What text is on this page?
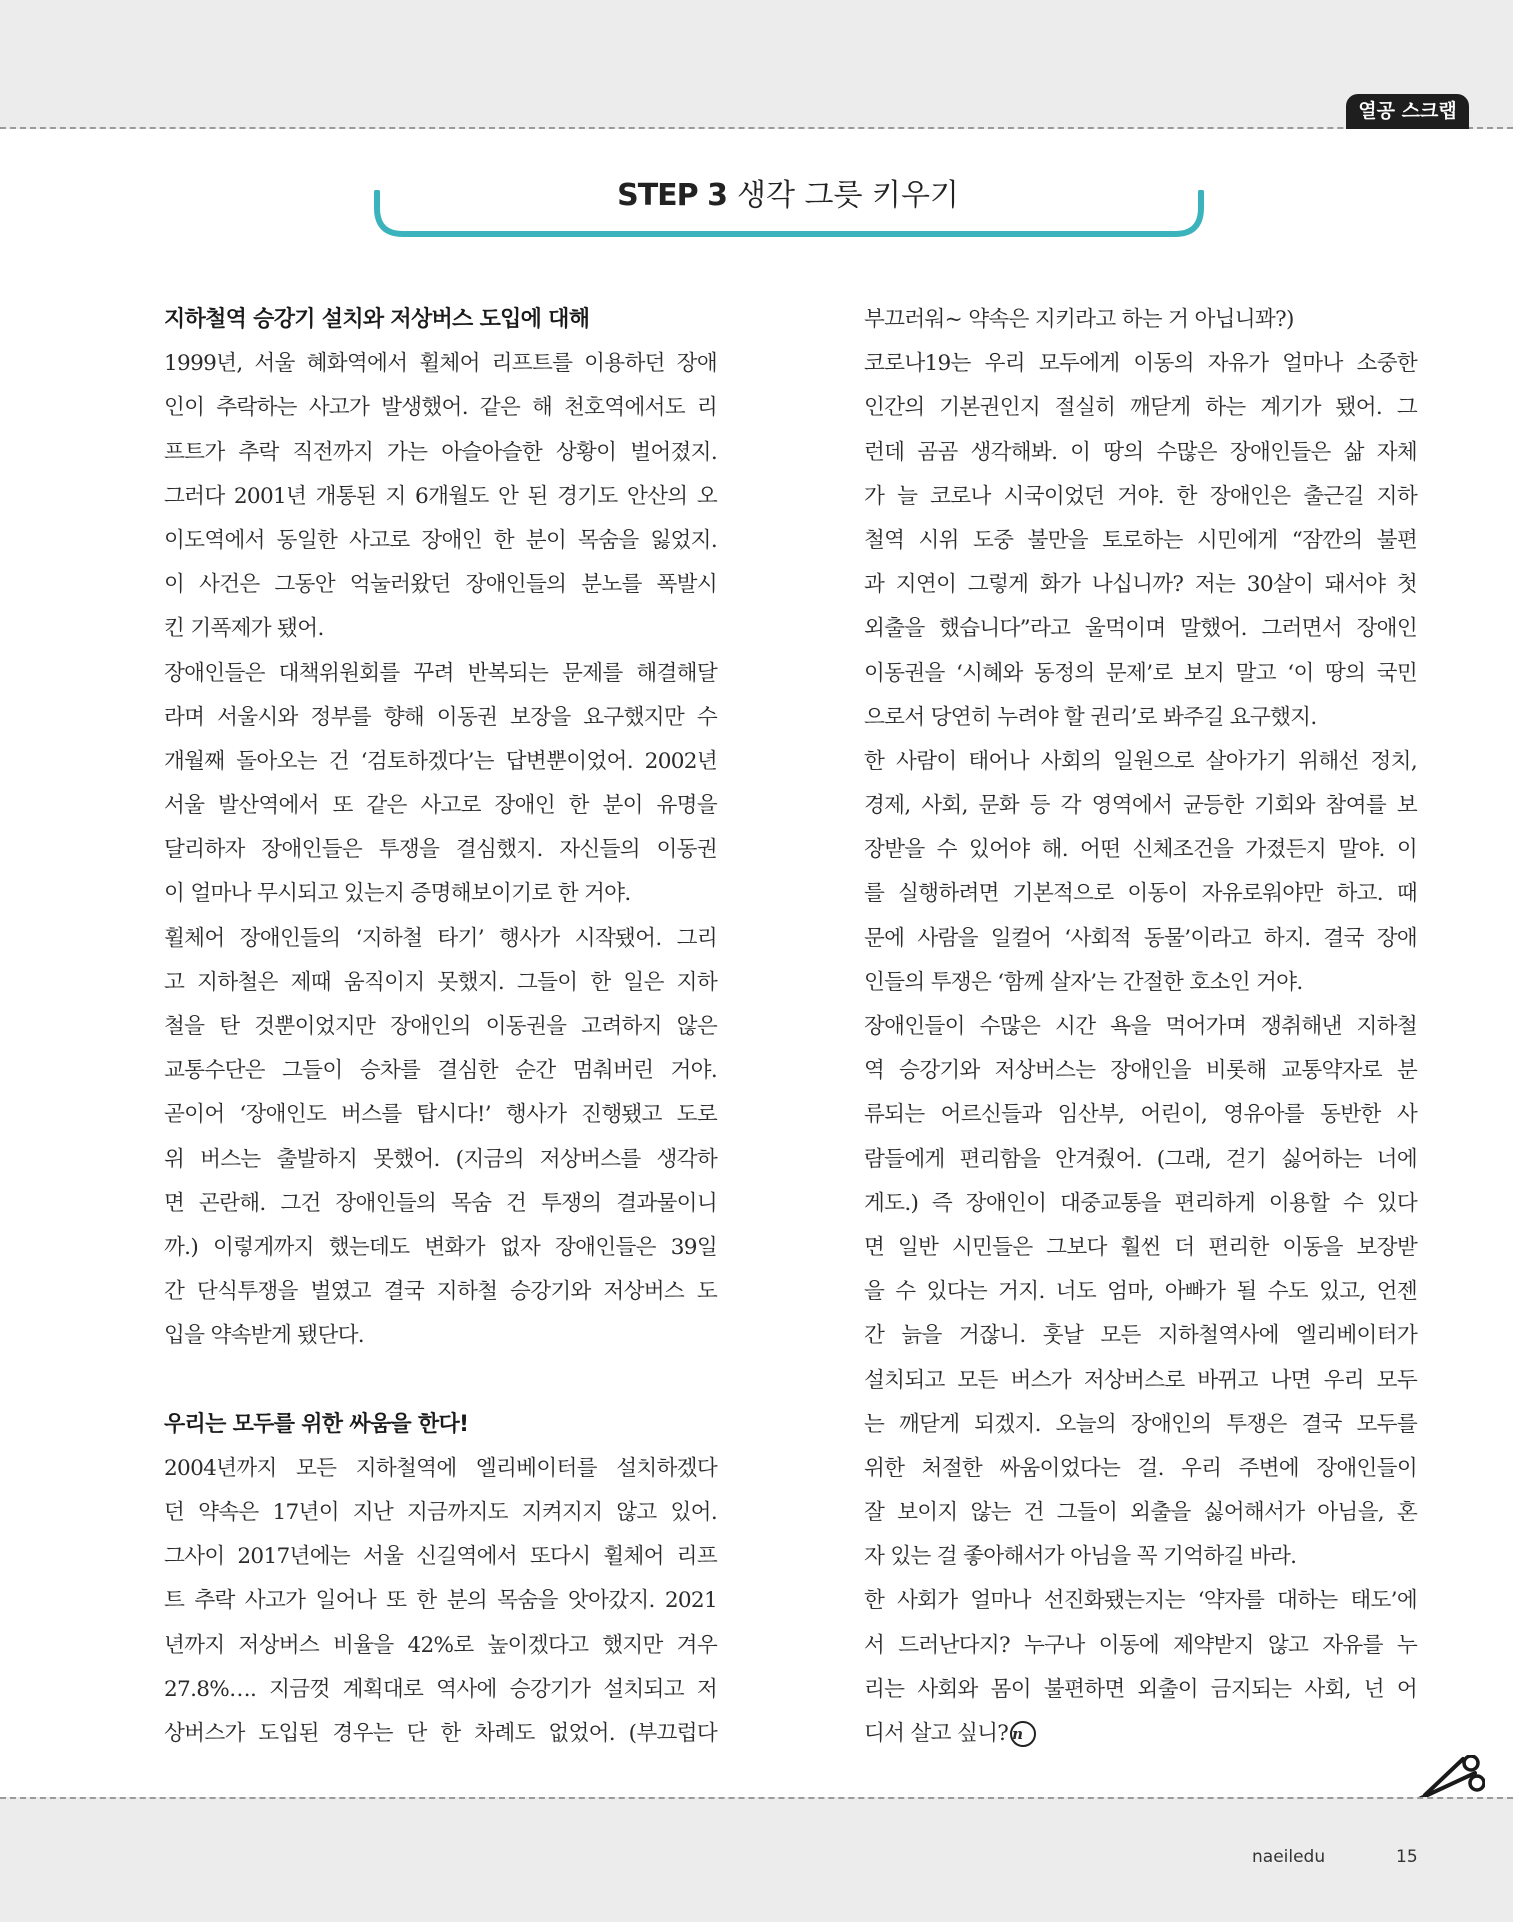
열공 스크랩
STEP 3 생각 그릇 키우기
지하철역 승강기 설치와 저상버스 도입에 대해
1999년, 서울 혜화역에서 휠체어 리프트를 이용하던 장애
인이 추락하는 사고가 발생했어. 같은 해 천호역에서도 리
프트가 추락 직전까지 가는 아슬아슬한 상황이 벌어졌지.
그러다 2001년 개통된 지 6개월도 안 된 경기도 안산의 오
이도역에서 동일한 사고로 장애인 한 분이 목숨을 잃었지.
이 사건은 그동안 억눌러왔던 장애인들의 분노를 폭발시
킨 기폭제가 됐어.
장애인들은 대책위원회를 꾸려 반복되는 문제를 해결해달
라며 서울시와 정부를 향해 이동권 보장을 요구했지만 수
개월째 돌아오는 건 ‘검토하겠다’는 답변뿐이었어. 2002년
서울 발산역에서 또 같은 사고로 장애인 한 분이 유명을
달리하자 장애인들은 투쟁을 결심했지. 자신들의 이동권
이 얼마나 무시되고 있는지 증명해보이기로 한 거야.
휠체어 장애인들의 ‘지하철 타기’ 행사가 시작됐어. 그리
고 지하철은 제때 움직이지 못했지. 그들이 한 일은 지하
철을 탄 것뿐이었지만 장애인의 이동권을 고려하지 않은
교통수단은 그들이 승차를 결심한 순간 멈춰버린 거야.
곧이어 ‘장애인도 버스를 탑시다!’ 행사가 진행됐고 도로
위 버스는 출발하지 못했어. (지금의 저상버스를 생각하
면 곤란해. 그건 장애인들의 목숨 건 투쟁의 결과물이니
까.) 이렇게까지 했는데도 변화가 없자 장애인들은 39일
간 단식투쟁을 벌였고 결국 지하철 승강기와 저상버스 도
입을 약속받게 됐단다.
우리는 모두를 위한 싸움을 한다!
2004년까지 모든 지하철역에 엘리베이터를 설치하겠다
던 약속은 17년이 지난 지금까지도 지켜지지 않고 있어.
그사이 2017년에는 서울 신길역에서 또다시 휠체어 리프
트 추락 사고가 일어나 또 한 분의 목숨을 앗아갔지. 2021
년까지 저상버스 비율을 42%로 높이겠다고 했지만 겨우
27.8%…. 지금껏 계획대로 역사에 승강기가 설치되고 저
상버스가 도입된 경우는 단 한 차례도 없었어. (부끄럽다
부끄러워~ 약속은 지키라고 하는 거 아닙니꽈?)
코로나19는 우리 모두에게 이동의 자유가 얼마나 소중한
인간의 기본권인지 절실히 깨닫게 하는 계기가 됐어. 그
런데 곰곰 생각해봐. 이 땅의 수많은 장애인들은 삶 자체
가 늘 코로나 시국이었던 거야. 한 장애인은 출근길 지하
철역 시위 도중 불만을 토로하는 시민에게 “잠깐의 불편
과 지연이 그렇게 화가 나십니까? 저는 30살이 돼서야 첫
외출을 했습니다”라고 울먹이며 말했어. 그러면서 장애인
이동권을 ‘시혜와 동정의 문제’로 보지 말고 ‘이 땅의 국민
으로서 당연히 누려야 할 권리’로 봐주길 요구했지.
한 사람이 태어나 사회의 일원으로 살아가기 위해선 정치,
경제, 사회, 문화 등 각 영역에서 균등한 기회와 참여를 보
장받을 수 있어야 해. 어떤 신체조건을 가졌든지 말야. 이
를 실행하려면 기본적으로 이동이 자유로워야만 하고. 때
문에 사람을 일컬어 ‘사회적 동물’이라고 하지. 결국 장애
인들의 투쟁은 ‘함께 살자’는 간절한 호소인 거야.
장애인들이 수많은 시간 욕을 먹어가며 쟁취해낸 지하철
역 승강기와 저상버스는 장애인을 비롯해 교통약자로 분
류되는 어르신들과 임산부, 어린이, 영유아를 동반한 사
람들에게 편리함을 안겨줬어. (그래, 걷기 싫어하는 너에
게도.) 즉 장애인이 대중교통을 편리하게 이용할 수 있다
면 일반 시민들은 그보다 훨씬 더 편리한 이동을 보장받
을 수 있다는 거지. 너도 엄마, 아빠가 될 수도 있고, 언젠
간 늙을 거잖니. 훗날 모든 지하철역사에 엘리베이터가
설치되고 모든 버스가 저상버스로 바뀌고 나면 우리 모두
는 깨닫게 되겠지. 오늘의 장애인의 투쟁은 결국 모두를
위한 처절한 싸움이었다는 걸. 우리 주변에 장애인들이
잘 보이지 않는 건 그들이 외출을 싫어해서가 아님을, 혼
자 있는 걸 좋아해서가 아님을 꼭 기억하길 바라.
한 사회가 얼마나 선진화됐는지는 ‘약자를 대하는 태도’에
서 드러난다지? 누구나 이동에 제약받지 않고 자유를 누
리는 사회와 몸이 불편하면 외출이 금지되는 사회, 넌 어
디서 살고 싶니? n
naeiledu	15
